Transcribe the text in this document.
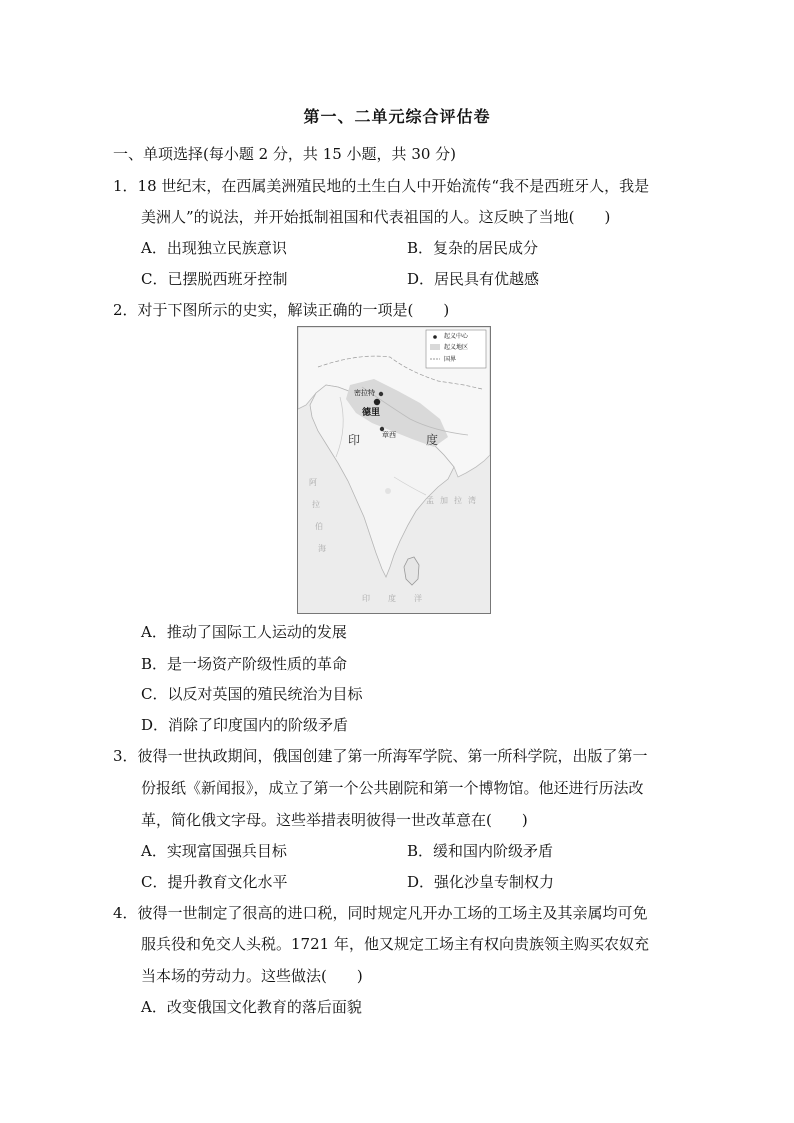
第一、二单元综合评估卷
一、单项选择(每小题 2 分，共 15 小题，共 30 分)
1．18 世纪末，在西属美洲殖民地的土生白人中开始流传“我不是西班牙人，我是
美洲人”的说法，并开始抵制祖国和代表祖国的人。这反映了当地(　　)
A．出现独立民族意识	B．复杂的居民成分
C．已摆脱西班牙控制	D．居民具有优越感
2．对于下图所示的史实，解读正确的一项是(　　)
起义中心
起义地区
国界
密拉特
德里
章西
印	度
阿
拉
伯
海
孟 加 拉 湾
印 度 洋
A．推动了国际工人运动的发展
B．是一场资产阶级性质的革命
C．以反对英国的殖民统治为目标
D．消除了印度国内的阶级矛盾
3．彼得一世执政期间，俄国创建了第一所海军学院、第一所科学院，出版了第一
份报纸《新闻报》，成立了第一个公共剧院和第一个博物馆。他还进行历法改
革，简化俄文字母。这些举措表明彼得一世改革意在(　　)
A．实现富国强兵目标	B．缓和国内阶级矛盾
C．提升教育文化水平	D．强化沙皇专制权力
4．彼得一世制定了很高的进口税，同时规定凡开办工场的工场主及其亲属均可免
服兵役和免交人头税。1721 年，他又规定工场主有权向贵族领主购买农奴充
当本场的劳动力。这些做法(　　)
A．改变俄国文化教育的落后面貌
